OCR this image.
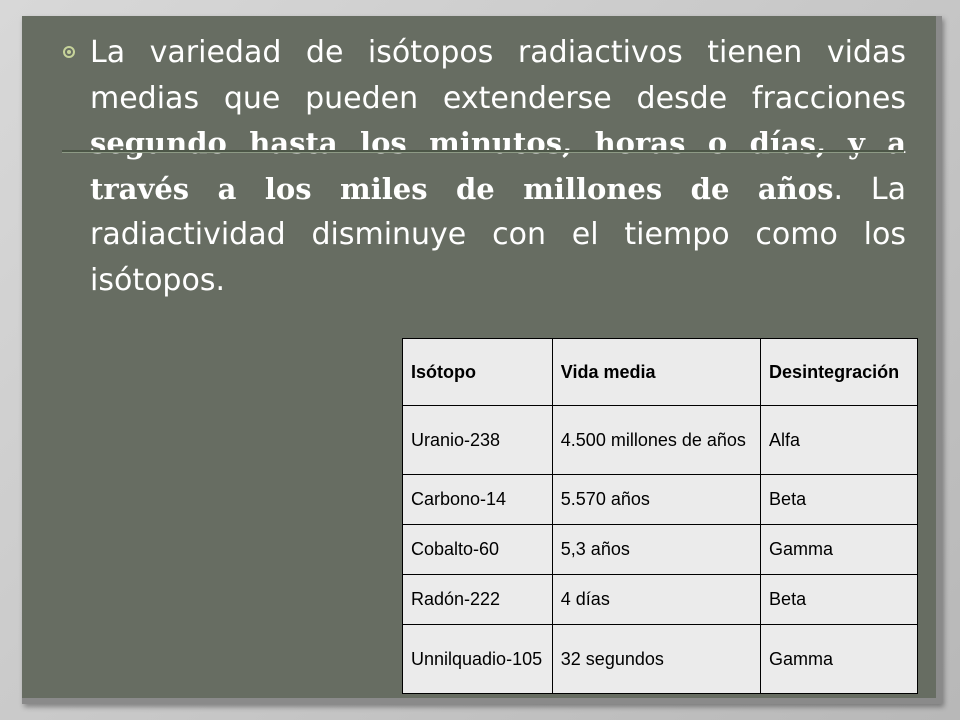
La variedad de isótopos radiactivos tienen vidas medias que pueden extenderse desde fracciones segundo hasta los minutos, horas o días, y a través a los miles de millones de años. La radiactividad disminuye con el tiempo como los isótopos.

Isótopo	Vida media	Desintegración
Uranio-238	4.500 millones de años	Alfa
Carbono-14	5.570 años	Beta
Cobalto-60	5,3 años	Gamma
Radón-222	4 días	Beta
Unnilquadio-105	32 segundos	Gamma
